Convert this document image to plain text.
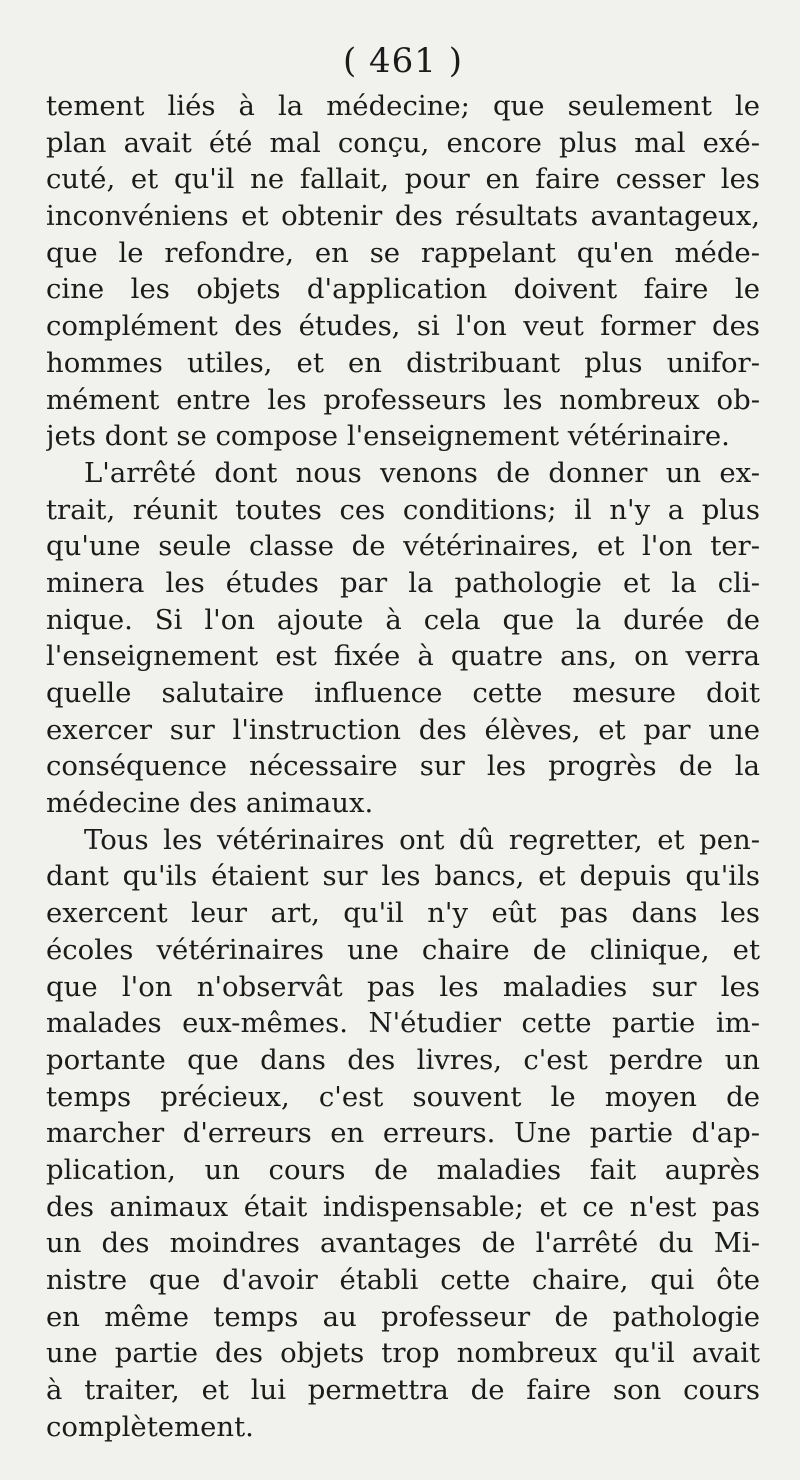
( 461 )
tement liés à la médecine; que seulement le
plan avait été mal conçu, encore plus mal exé-
cuté, et qu'il ne fallait, pour en faire cesser les
inconvéniens et obtenir des résultats avantageux,
que le refondre, en se rappelant qu'en méde-
cine les objets d'application doivent faire le
complément des études, si l'on veut former des
hommes utiles, et en distribuant plus unifor-
mément entre les professeurs les nombreux ob-
jets dont se compose l'enseignement vétérinaire.
L'arrêté dont nous venons de donner un ex-
trait, réunit toutes ces conditions; il n'y a plus
qu'une seule classe de vétérinaires, et l'on ter-
minera les études par la pathologie et la cli-
nique. Si l'on ajoute à cela que la durée de
l'enseignement est fixée à quatre ans, on verra
quelle salutaire influence cette mesure doit
exercer sur l'instruction des élèves, et par une
conséquence nécessaire sur les progrès de la
médecine des animaux.
Tous les vétérinaires ont dû regretter, et pen-
dant qu'ils étaient sur les bancs, et depuis qu'ils
exercent leur art, qu'il n'y eût pas dans les
écoles vétérinaires une chaire de clinique, et
que l'on n'observât pas les maladies sur les
malades eux-mêmes. N'étudier cette partie im-
portante que dans des livres, c'est perdre un
temps précieux, c'est souvent le moyen de
marcher d'erreurs en erreurs. Une partie d'ap-
plication, un cours de maladies fait auprès
des animaux était indispensable; et ce n'est pas
un des moindres avantages de l'arrêté du Mi-
nistre que d'avoir établi cette chaire, qui ôte
en même temps au professeur de pathologie
une partie des objets trop nombreux qu'il avait
à traiter, et lui permettra de faire son cours
complètement.
